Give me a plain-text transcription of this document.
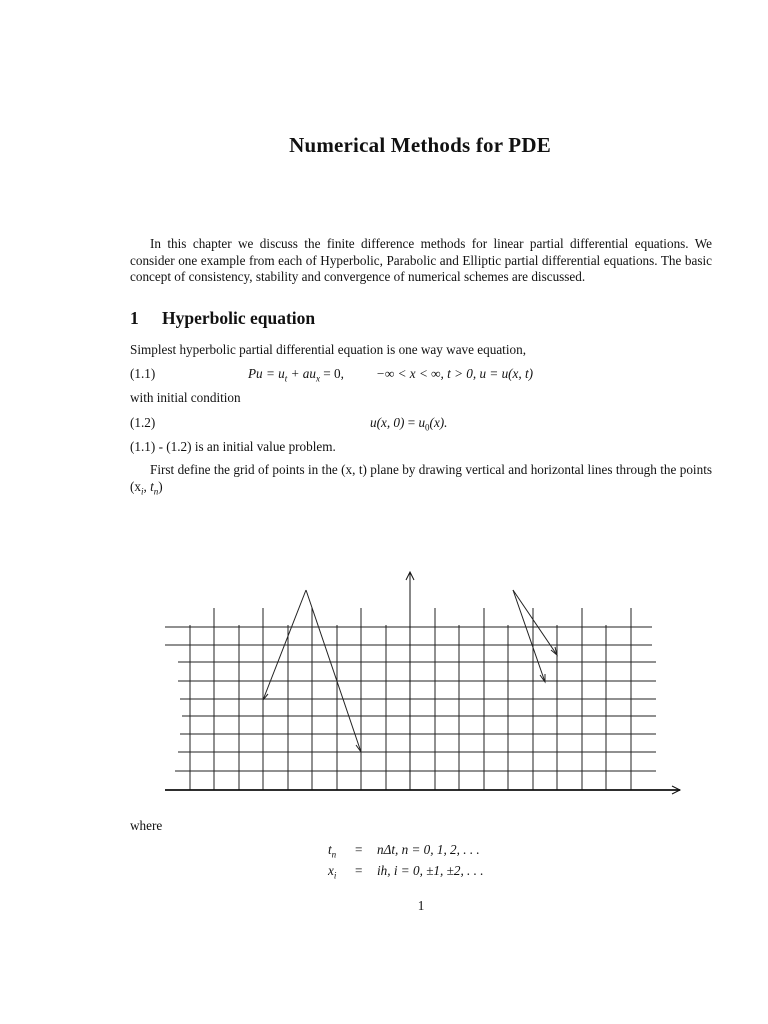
Numerical Methods for PDE
In this chapter we discuss the finite difference methods for linear partial differential equations. We consider one example from each of Hyperbolic, Parabolic and Elliptic partial differential equations. The basic concept of consistency, stability and convergence of numerical schemes are discussed.
1 Hyperbolic equation
Simplest hyperbolic partial differential equation is one way wave equation,
(1.1)	$Pu = u_t + au_x = 0$, −∞ < x < ∞, t > 0, u = u(x, t)
with initial condition
(1.2)	u(x, $0) = u_0(x)$.
(1.1) - (1.2) is an initial value problem.
First define the grid of points in the (x, t) plane by drawing vertical and horizontal lines through the points ($x_i$, $t_n$)
where
$t_n = n\Delta t$, n = 0, 1, 2, . . .
$x_i$ = ih, i = 0, ±1, ±2, . . .
1
